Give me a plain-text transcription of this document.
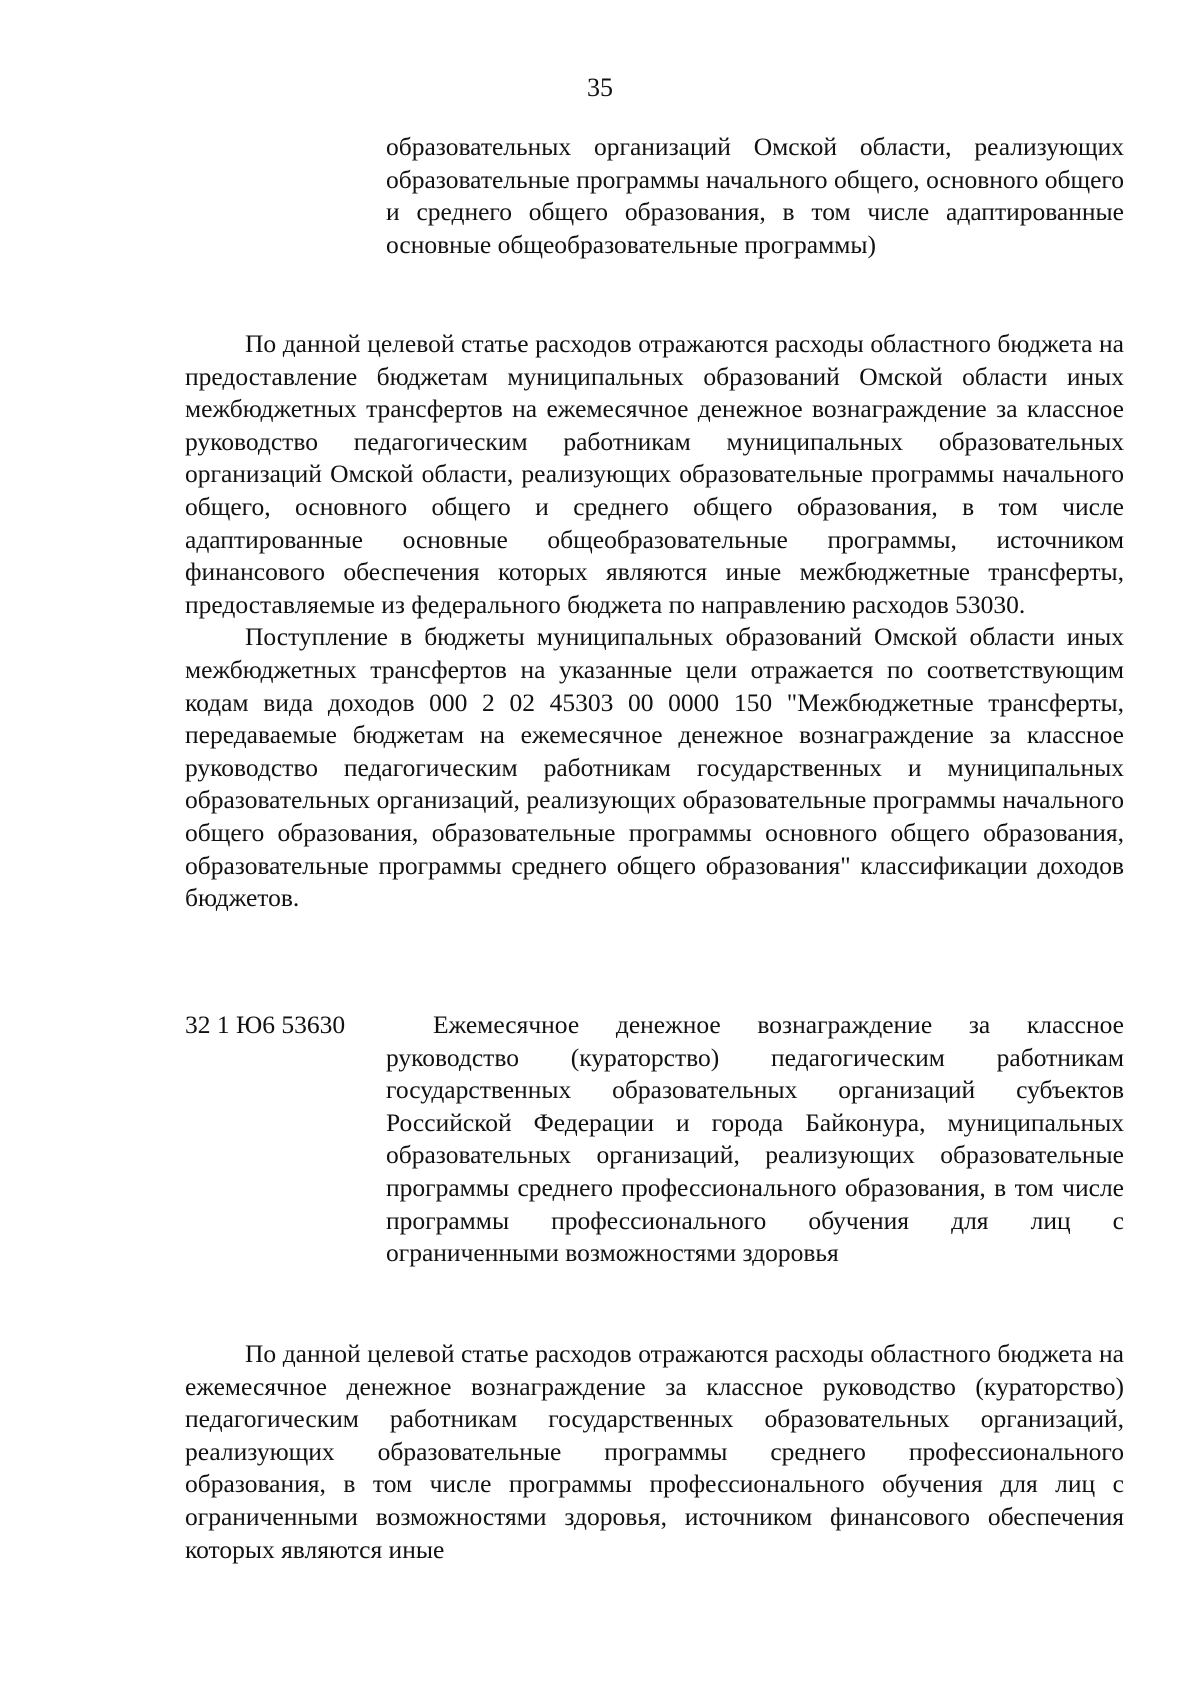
35

образовательных организаций Омской области, реализующих образовательные программы начального общего, основного общего и среднего общего образования, в том числе адаптированные основные общеобразовательные программы)

По данной целевой статье расходов отражаются расходы областного бюджета на предоставление бюджетам муниципальных образований Омской области иных межбюджетных трансфертов на ежемесячное денежное вознаграждение за классное руководство педагогическим работникам муниципальных образовательных организаций Омской области, реализующих образовательные программы начального общего, основного общего и среднего общего образования, в том числе адаптированные основные общеобразовательные программы, источником финансового обеспечения которых являются иные межбюджетные трансферты, предоставляемые из федерального бюджета по направлению расходов 53030.

Поступление в бюджеты муниципальных образований Омской области иных межбюджетных трансфертов на указанные цели отражается по соответствующим кодам вида доходов 000 2 02 45303 00 0000 150 "Межбюджетные трансферты, передаваемые бюджетам на ежемесячное денежное вознаграждение за классное руководство педагогическим работникам государственных и муниципальных образовательных организаций, реализующих образовательные программы начального общего образования, образовательные программы основного общего образования, образовательные программы среднего общего образования" классификации доходов бюджетов.

32 1 Ю6 53630	Ежемесячное денежное вознаграждение за классное руководство (кураторство) педагогическим работникам государственных образовательных организаций субъектов Российской Федерации и города Байконура, муниципальных образовательных организаций, реализующих образовательные программы среднего профессионального образования, в том числе программы профессионального обучения для лиц с ограниченными возможностями здоровья

По данной целевой статье расходов отражаются расходы областного бюджета на ежемесячное денежное вознаграждение за классное руководство (кураторство) педагогическим работникам государственных образовательных организаций, реализующих образовательные программы среднего профессионального образования, в том числе программы профессионального обучения для лиц с ограниченными возможностями здоровья, источником финансового обеспечения которых являются иные
